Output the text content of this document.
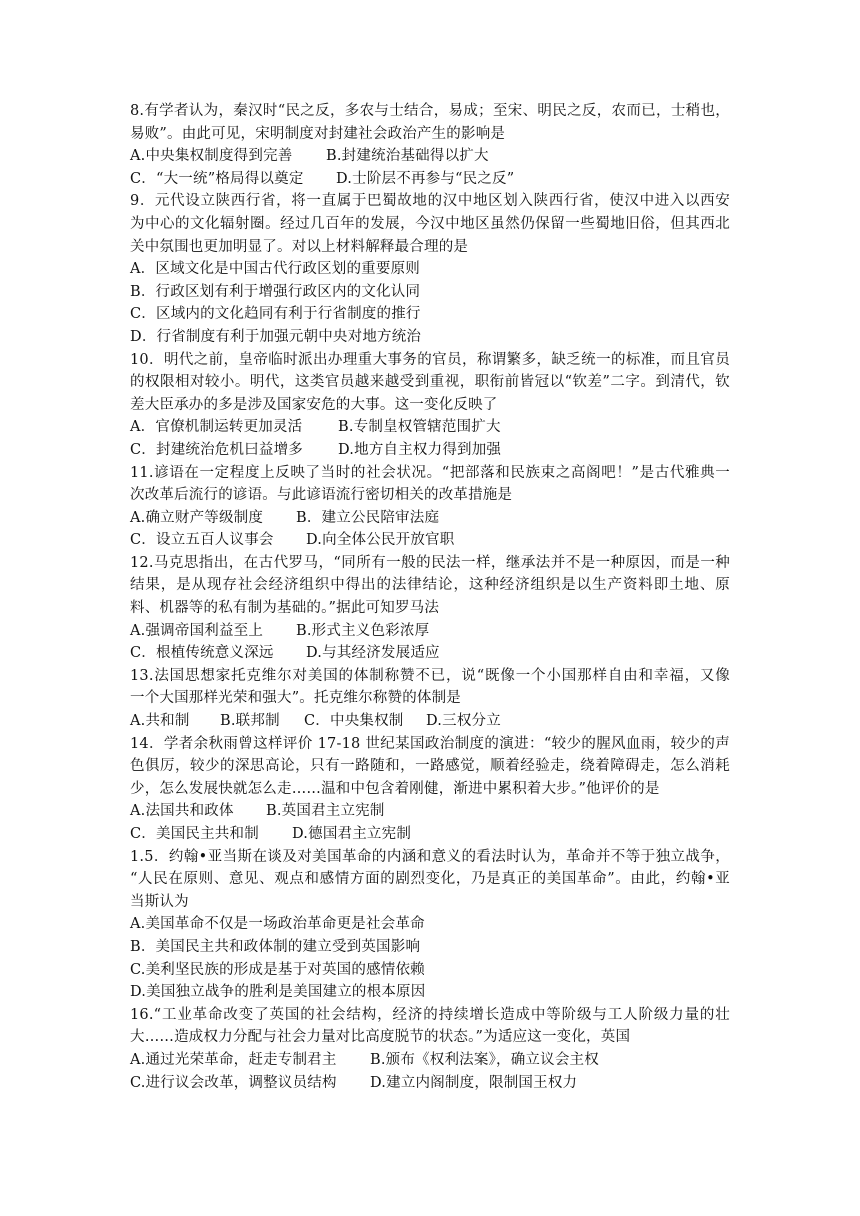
8.有学者认为，秦汉时“民之反，多农与士结合，易成；至宋、明民之反，农而已，士稍也，
易败”。由此可见，宋明制度对封建社会政治产生的影响是
A.中央集权制度得到完善 B.封建统治基础得以扩大
C．“大一统”格局得以奠定 D.士阶层不再参与“民之反”
9．元代设立陕西行省，将一直属于巴蜀故地的汉中地区划入陕西行省，使汉中进入以西安
为中心的文化辐射圈。经过几百年的发展，今汉中地区虽然仍保留一些蜀地旧俗，但其西北
关中氛围也更加明显了。对以上材料解释最合理的是
A．区域文化是中国古代行政区划的重要原则
B．行政区划有利于增强行政区内的文化认同
C．区域内的文化趋同有利于行省制度的推行
D．行省制度有利于加强元朝中央对地方统治
10．明代之前，皇帝临时派出办理重大事务的官员，称谓繁多，缺乏统一的标准，而且官员
的权限相对较小。明代，这类官员越来越受到重视，职衔前皆冠以“钦差”二字。到清代，钦
差大臣承办的多是涉及国家安危的大事。这一变化反映了
A．官僚机制运转更加灵活 B.专制皇权管辖范围扩大
C．封建统治危机曰益增多 D.地方自主权力得到加强
11.谚语在一定程度上反映了当时的社会状况。“把部落和民族束之高阁吧！”是古代雅典一
次改革后流行的谚语。与此谚语流行密切相关的改革措施是
A.确立财产等级制度 B．建立公民陪审法庭
C．设立五百人议事会 D.向全体公民开放官职
12.马克思指出，在古代罗马，“同所有一般的民法一样，继承法并不是一种原因，而是一种
结果，是从现存社会经济组织中得出的法律结论，这种经济组织是以生产资料即土地、原
料、机器等的私有制为基础的。”据此可知罗马法
A.强调帝国利益至上 B.形式主义色彩浓厚
C．根植传统意义深远 D.与其经济发展适应
13.法国思想家托克维尔对美国的体制称赞不已，说“既像一个小国那样自由和幸福，又像
一个大国那样光荣和强大”。托克维尔称赞的体制是
A.共和制 B.联邦制 C．中央集权制 D.三权分立
14．学者余秋雨曾这样评价 17-18 世纪某国政治制度的演进：“较少的腥风血雨，较少的声
色俱厉，较少的深思高论，只有一路随和，一路感觉，顺着经验走，绕着障碍走，怎么消耗
少，怎么发展快就怎么走……温和中包含着刚健，渐进中累积着大步。”他评价的是
A.法国共和政体 B.英国君主立宪制
C．美国民主共和制 D.德国君主立宪制
1.5．约翰•亚当斯在谈及对美国革命的内涵和意义的看法时认为，革命并不等于独立战争，
“人民在原则、意见、观点和感情方面的剧烈变化，乃是真正的美国革命”。由此，约翰•亚
当斯认为
A.美国革命不仅是一场政治革命更是社会革命
B．美国民主共和政体制的建立受到英国影响
C.美利坚民族的形成是基于对英国的感情依赖
D.美国独立战争的胜利是美国建立的根本原因
16.“工业革命改变了英国的社会结构，经济的持续增长造成中等阶级与工人阶级力量的壮
大……造成权力分配与社会力量对比高度脱节的状态。”为适应这一变化，英国
A.通过光荣革命，赶走专制君主 B.颁布《权利法案》，确立议会主权
C.进行议会改革，调整议员结构 D.建立内阁制度，限制国王权力
